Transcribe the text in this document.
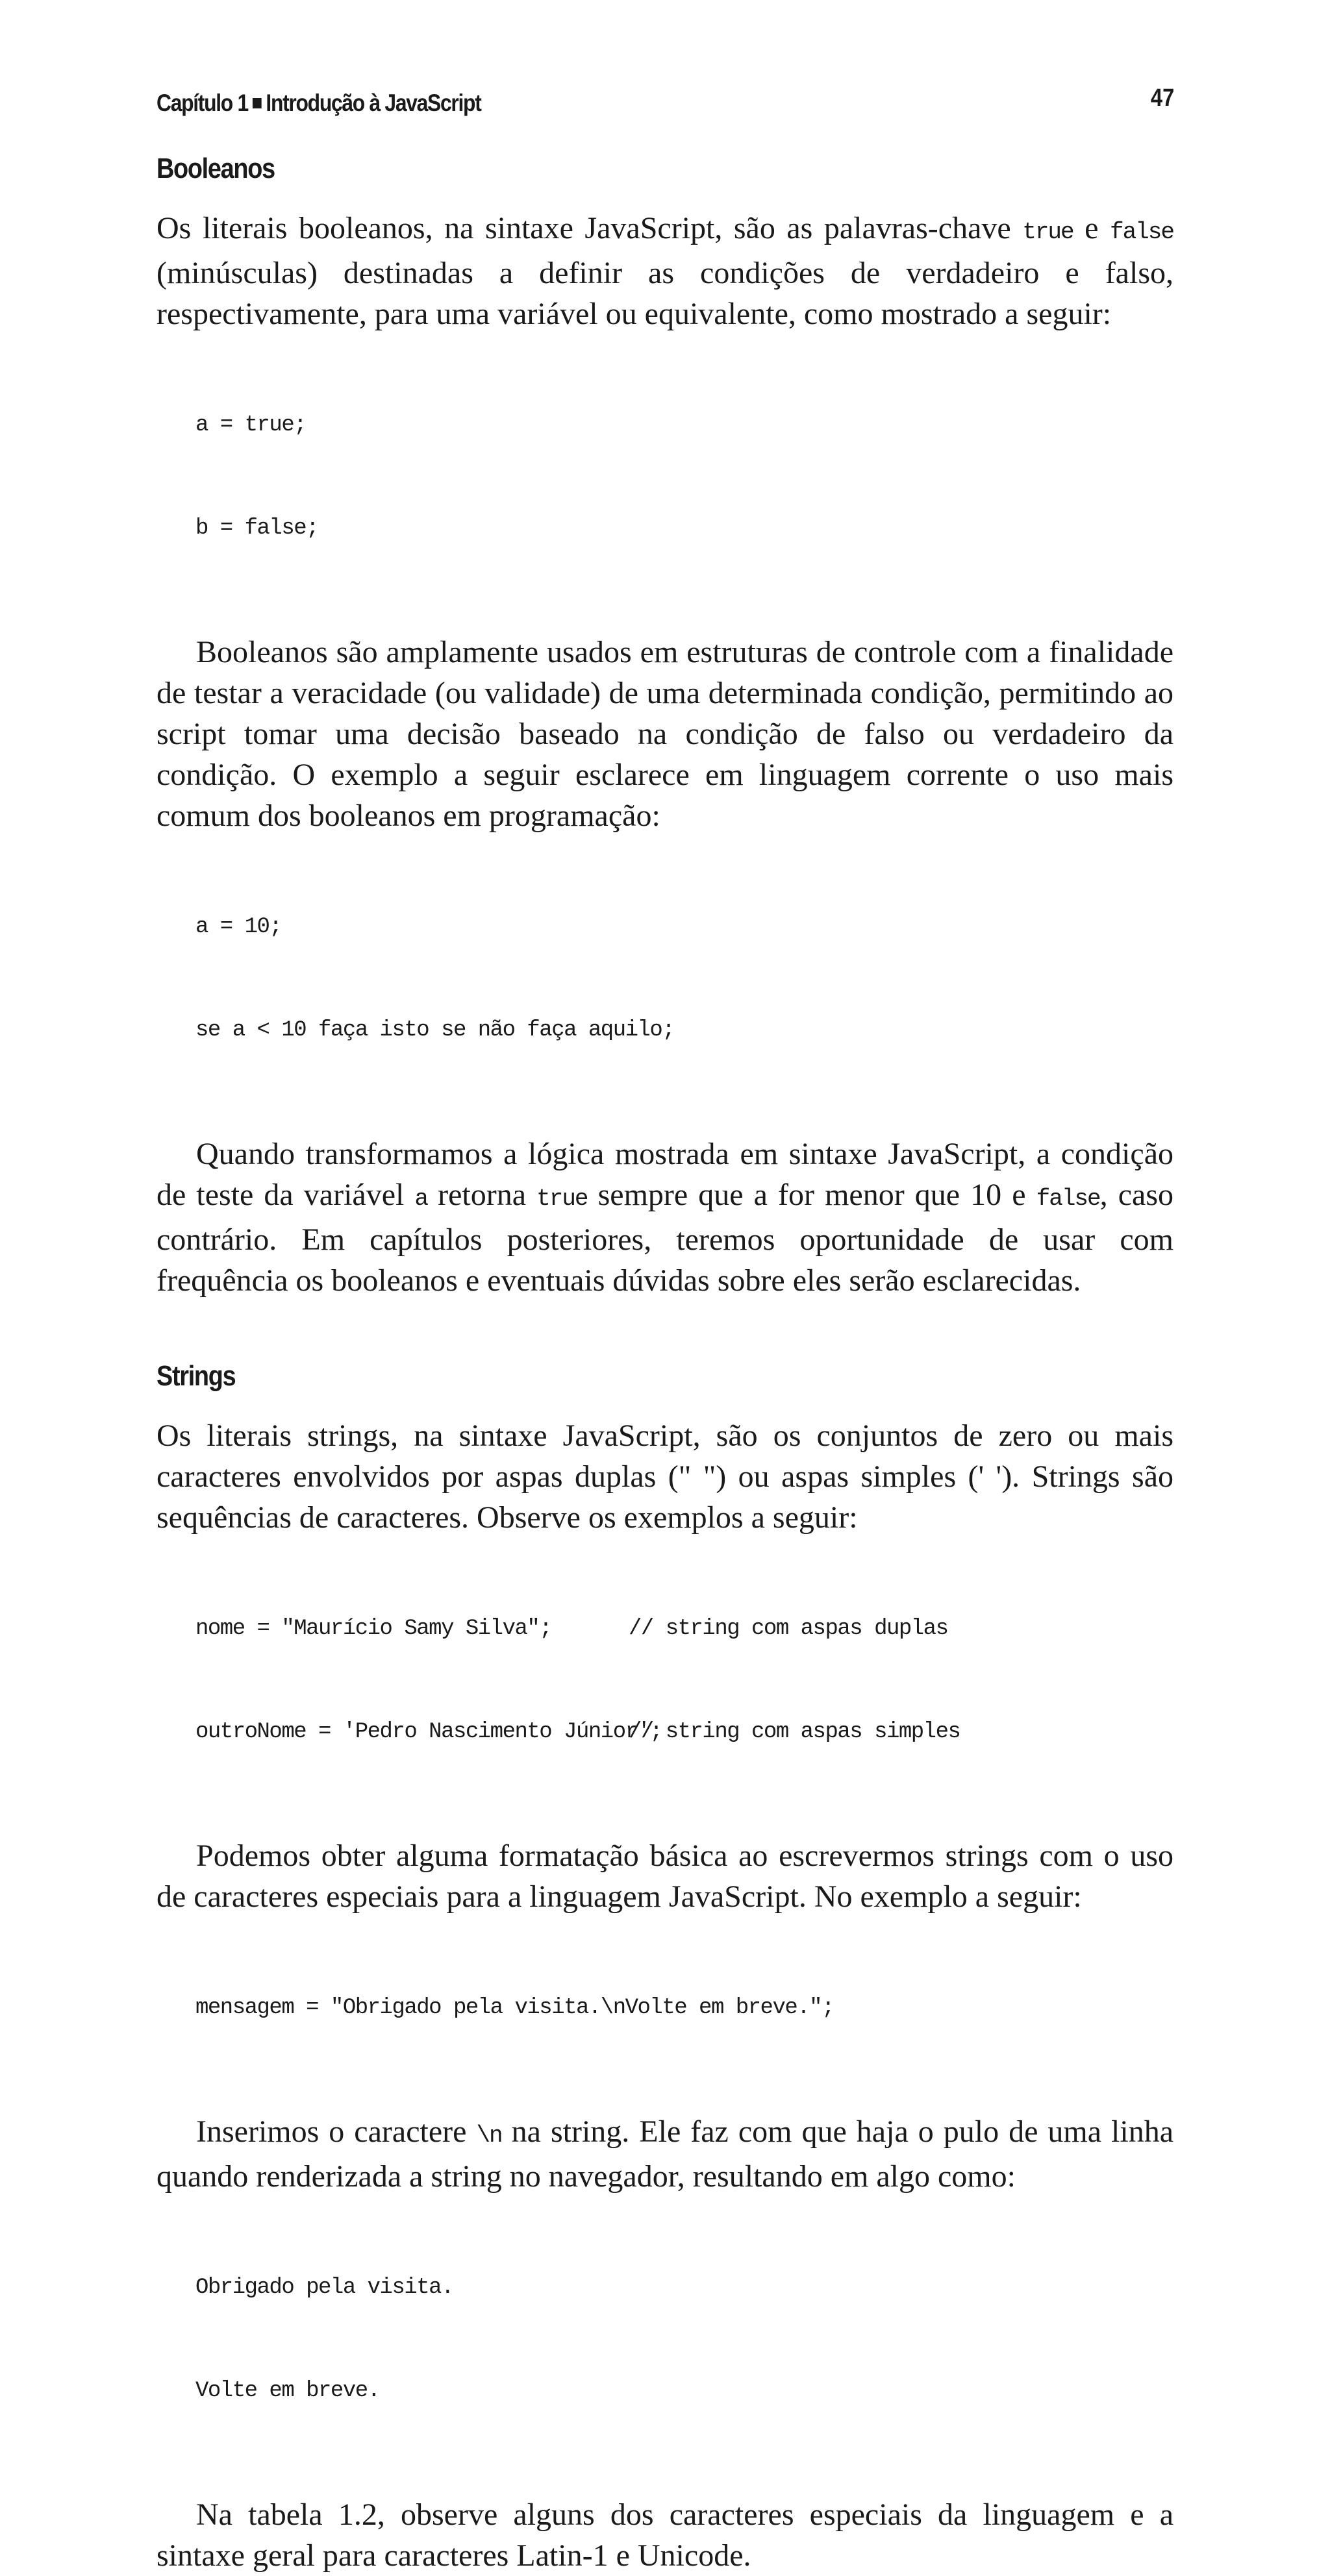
Capítulo 1 Introdução à JavaScript	47
Booleanos

Os literais booleanos, na sintaxe JavaScript, são as palavras-chave true e false (minúsculas) destinadas a definir as condições de verdadeiro e falso, respectivamente, para uma variável ou equivalente, como mostrado a seguir:

a = true;

b = false;

Booleanos são amplamente usados em estruturas de controle com a finalidade de testar a veracidade (ou validade) de uma determinada condição, permitindo ao script tomar uma decisão baseado na condição de falso ou verdadeiro da condição. O exemplo a seguir esclarece em linguagem corrente o uso mais comum dos booleanos em programação:

a = 10;

se a < 10 faça isto se não faça aquilo;

Quando transformamos a lógica mostrada em sintaxe JavaScript, a condição de teste da variável a retorna true sempre que a for menor que 10 e false, caso contrário. Em capítulos posteriores, teremos oportunidade de usar com frequência os booleanos e eventuais dúvidas sobre eles serão esclarecidas.

Strings

Os literais strings, na sintaxe JavaScript, são os conjuntos de zero ou mais caracteres envolvidos por aspas duplas (" ") ou aspas simples (' '). Strings são sequências de caracteres. Observe os exemplos a seguir:

nome = "Maurício Samy Silva";	// string com aspas duplas

outroNome = 'Pedro Nascimento Júnior';
// string com aspas simples

Podemos obter alguma formatação básica ao escrevermos strings com o uso de caracteres especiais para a linguagem JavaScript. No exemplo a seguir:

mensagem = "Obrigado pela visita.\nVolte em breve.";

Inserimos o caractere \n na string. Ele faz com que haja o pulo de uma linha quando renderizada a string no navegador, resultando em algo como:

Obrigado pela visita.

Volte em breve.

Na tabela 1.2, observe alguns dos caracteres especiais da linguagem e a sintaxe geral para caracteres Latin-1 e Unicode.
